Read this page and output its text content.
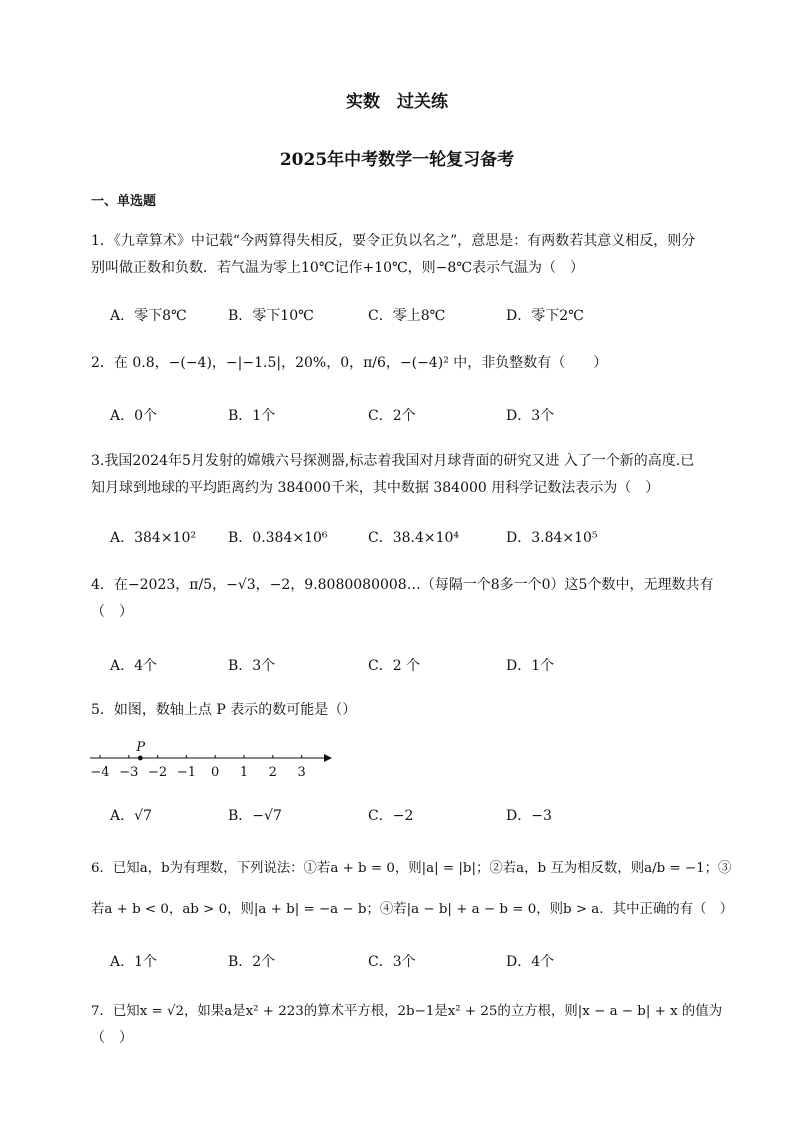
实数　过关练
2025年中考数学一轮复习备考
一、单选题
1．《九章算术》中记载“今两算得失相反，要令正负以名之”，意思是：有两数若其意义相反，则分
别叫做正数和负数．若气温为零上10℃记作+10℃，则−8℃表示气温为（　）
A．零下8℃	B．零下10℃	C．零上8℃	D．零下2℃
2．在 0.8，−(−4)，−|−1.5|，20%，0，π/6，−(−4)² 中，非负整数有（　　）
A．0个	B．1个	C．2个	D．3个
3.我国2024年5月发射的嫦娥六号探测器,标志着我国对月球背面的研究又进 入了一个新的高度.已
知月球到地球的平均距离约为 384000千米，其中数据 384000 用科学记数法表示为（　）
A．384×10² B．0.384×10⁶	C．38.4×10⁴	D．3.84×10⁵
4．在−2023，π/5，−√3，−2，9.8080080008…（每隔一个8多一个0）这5个数中，无理数共有
（　）
A．4个	B．3个	C．2 个	D．1个
5．如图，数轴上点 P 表示的数可能是（）
−4 −3 −2 −1 0 1 2 3
P
A．√7	B．−√7	C．−2	D．−3
6．已知a，b为有理数，下列说法：①若a + b = 0，则|a| = |b|；②若a，b 互为相反数，则a/b = −1；③
若a + b < 0，ab > 0，则|a + b| = −a − b；④若|a − b| + a − b = 0，则b > a．其中正确的有（　）
A．1个	B．2个	C．3个	D．4个
7．已知x = √2，如果a是x² + 223的算术平方根，2b−1是x² + 25的立方根，则|x − a − b| + x 的值为
（　）
